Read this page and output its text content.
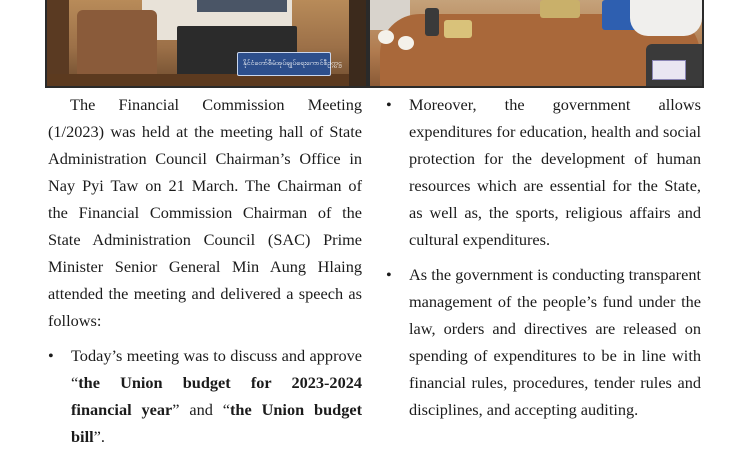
နိုင်ငံတော်စီမံအုပ်ချုပ်ရေးကောင်စီဥက္ကဋ္ဌ

The Financial Commission Meeting (1/2023) was held at the meeting hall of State Administration Council Chairman’s Office in Nay Pyi Taw on 21 March. The Chairman of the Financial Commission Chairman of the State Administration Council (SAC) Prime Minister Senior General Min Aung Hlaing attended the meeting and delivered a speech as follows:

• Today’s meeting was to discuss and approve “the Union budget for 2023-2024 financial year” and “the Union budget bill”.
• Moreover, the government allows expenditures for education, health and social protection for the development of human resources which are essential for the State, as well as, the sports, religious affairs and cultural expenditures.
• As the government is conducting transparent management of the people’s fund under the law, orders and directives are released on spending of expenditures to be in line with financial rules, procedures, tender rules and disciplines, and accepting auditing.
